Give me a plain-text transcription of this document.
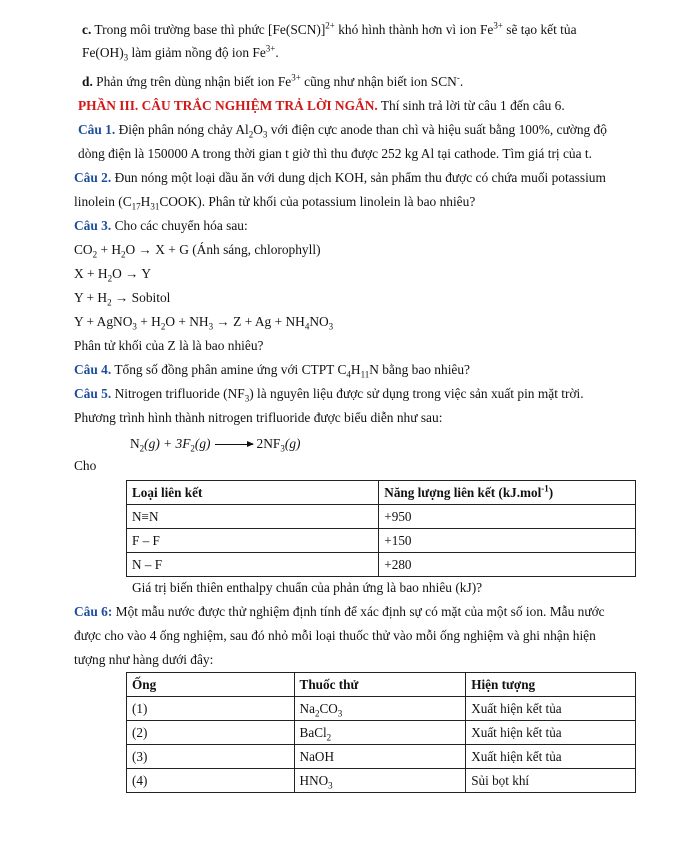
c. Trong môi trường base thì phức $[Fe(SCN)]^{2+}$ khó hình thành hơn vì ion $Fe^{3+}$ sẽ tạo kết tủa
$Fe(OH)_3$ làm giảm nồng độ ion $Fe^{3+}$.
d. Phản ứng trên dùng nhận biết ion $Fe^{3+}$ cũng như nhận biết ion SCN-.
PHẦN III. CÂU TRẮC NGHIỆM TRẢ LỜI NGẮN. Thí sinh trả lời từ câu 1 đến câu 6.
Câu 1. Điện phân nóng chảy $Al_2O_3$ với điện cực anode than chì và hiệu suất bằng 100%, cường độ
dòng điện là 150000 A trong thời gian t giờ thì thu được 252 kg Al tại cathode. Tìm giá trị của t.
Câu 2. Đun nóng một loại dầu ăn với dung dịch KOH, sản phẩm thu được có chứa muối potassium
linolein $(C_{17}H_{31}COOK)$. Phân tử khối của potassium linolein là bao nhiêu?
Câu 3. Cho các chuyển hóa sau:
$CO_2 + H_2O \to X + G$ (Ánh sáng, chlorophyll)
$X + H_2O \to Y$
$Y + H_2$ → Sobitol
Y + AgNO$_3$ + $H_2O + NH_3 \to Z + Ag + NH_4NO_3$
Phân tử khối của Z là là bao nhiêu?
Câu 4. Tổng số đồng phân amine ứng với CTPT $C_4H_{11}N$ bằng bao nhiêu?
Câu 5. Nitrogen trifluoride $(NF_3)$ là nguyên liệu được sử dụng trong việc sản xuất pin mặt trời.
Phương trình hình thành nitrogen trifluoride được biểu diễn như sau:
$N_2(g) + 3F_2(g) \to 2NF_3(g)$
Cho
Loại liên kết	Năng lượng liên kết (kJ.mol$^{-1}$)
N≡N	+950
F – F	+150
N – F	+280
Giá trị biến thiên enthalpy chuẩn của phản ứng là bao nhiêu (kJ)?
Câu 6: Một mẫu nước được thử nghiệm định tính để xác định sự có mặt của một số ion. Mẫu nước
được cho vào 4 ống nghiệm, sau đó nhỏ mỗi loại thuốc thử vào mỗi ống nghiệm và ghi nhận hiện
tượng như hàng dưới đây:
Ống	Thuốc thử	Hiện tượng
(1)	$Na_2CO_3$	Xuất hiện kết tủa
(2)	BaCl$_2$	Xuất hiện kết tủa
(3)	NaOH	Xuất hiện kết tủa
(4)	$HNO_3$	Sủi bọt khí
